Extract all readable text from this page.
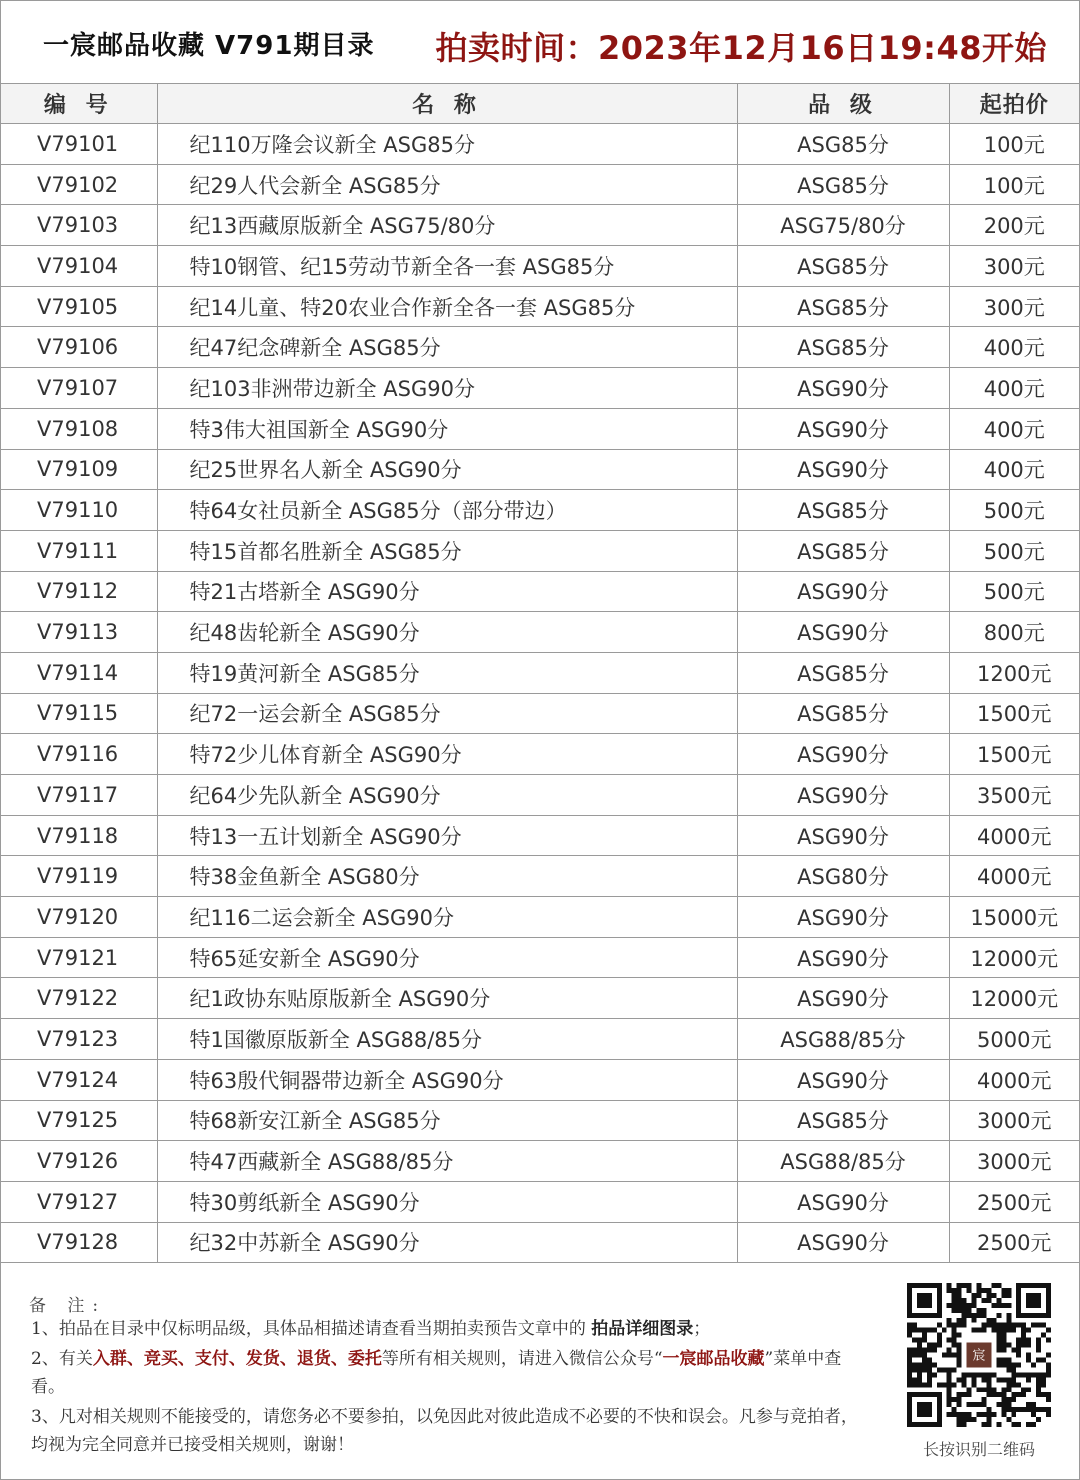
一宸邮品收藏 V791期目录 拍卖时间：2023年12月16日19:48开始
编 号	名 称	品 级	起拍价
V79101	纪110万隆会议新全 ASG85分	ASG85分	100元
V79102	纪29人代会新全 ASG85分	ASG85分	100元
V79103	纪13西藏原版新全 ASG75/80分	ASG75/80分	200元
V79104	特10钢管、纪15劳动节新全各一套 ASG85分	ASG85分	300元
V79105	纪14儿童、特20农业合作新全各一套 ASG85分	ASG85分	300元
V79106	纪47纪念碑新全 ASG85分	ASG85分	400元
V79107	纪103非洲带边新全 ASG90分	ASG90分	400元
V79108	特3伟大祖国新全 ASG90分	ASG90分	400元
V79109	纪25世界名人新全 ASG90分	ASG90分	400元
V79110	特64女社员新全 ASG85分（部分带边）	ASG85分	500元
V79111	特15首都名胜新全 ASG85分	ASG85分	500元
V79112	特21古塔新全 ASG90分	ASG90分	500元
V79113	纪48齿轮新全 ASG90分	ASG90分	800元
V79114	特19黄河新全 ASG85分	ASG85分	1200元
V79115	纪72一运会新全 ASG85分	ASG85分	1500元
V79116	特72少儿体育新全 ASG90分	ASG90分	1500元
V79117	纪64少先队新全 ASG90分	ASG90分	3500元
V79118	特13一五计划新全 ASG90分	ASG90分	4000元
V79119	特38金鱼新全 ASG80分	ASG80分	4000元
V79120	纪116二运会新全 ASG90分	ASG90分	15000元
V79121	特65延安新全 ASG90分	ASG90分	12000元
V79122	纪1政协东贴原版新全 ASG90分	ASG90分	12000元
V79123	特1国徽原版新全 ASG88/85分	ASG88/85分	5000元
V79124	特63殷代铜器带边新全 ASG90分	ASG90分	4000元
V79125	特68新安江新全 ASG85分	ASG85分	3000元
V79126	特47西藏新全 ASG88/85分	ASG88/85分	3000元
V79127	特30剪纸新全 ASG90分	ASG90分	2500元
V79128	纪32中苏新全 ASG90分	ASG90分	2500元
备 注:
1、拍品在目录中仅标明品级，具体品相描述请查看当期拍卖预告文章中的 拍品详细图录；
2、有关入群、竞买、支付、发货、退货、委托等所有相关规则，请进入微信公众号“一宸邮品收藏”菜单中查看。
3、凡对相关规则不能接受的，请您务必不要参拍，以免因此对彼此造成不必要的不快和误会。凡参与竞拍者，均视为完全同意并已接受相关规则，谢谢！
宸
长按识别二维码
